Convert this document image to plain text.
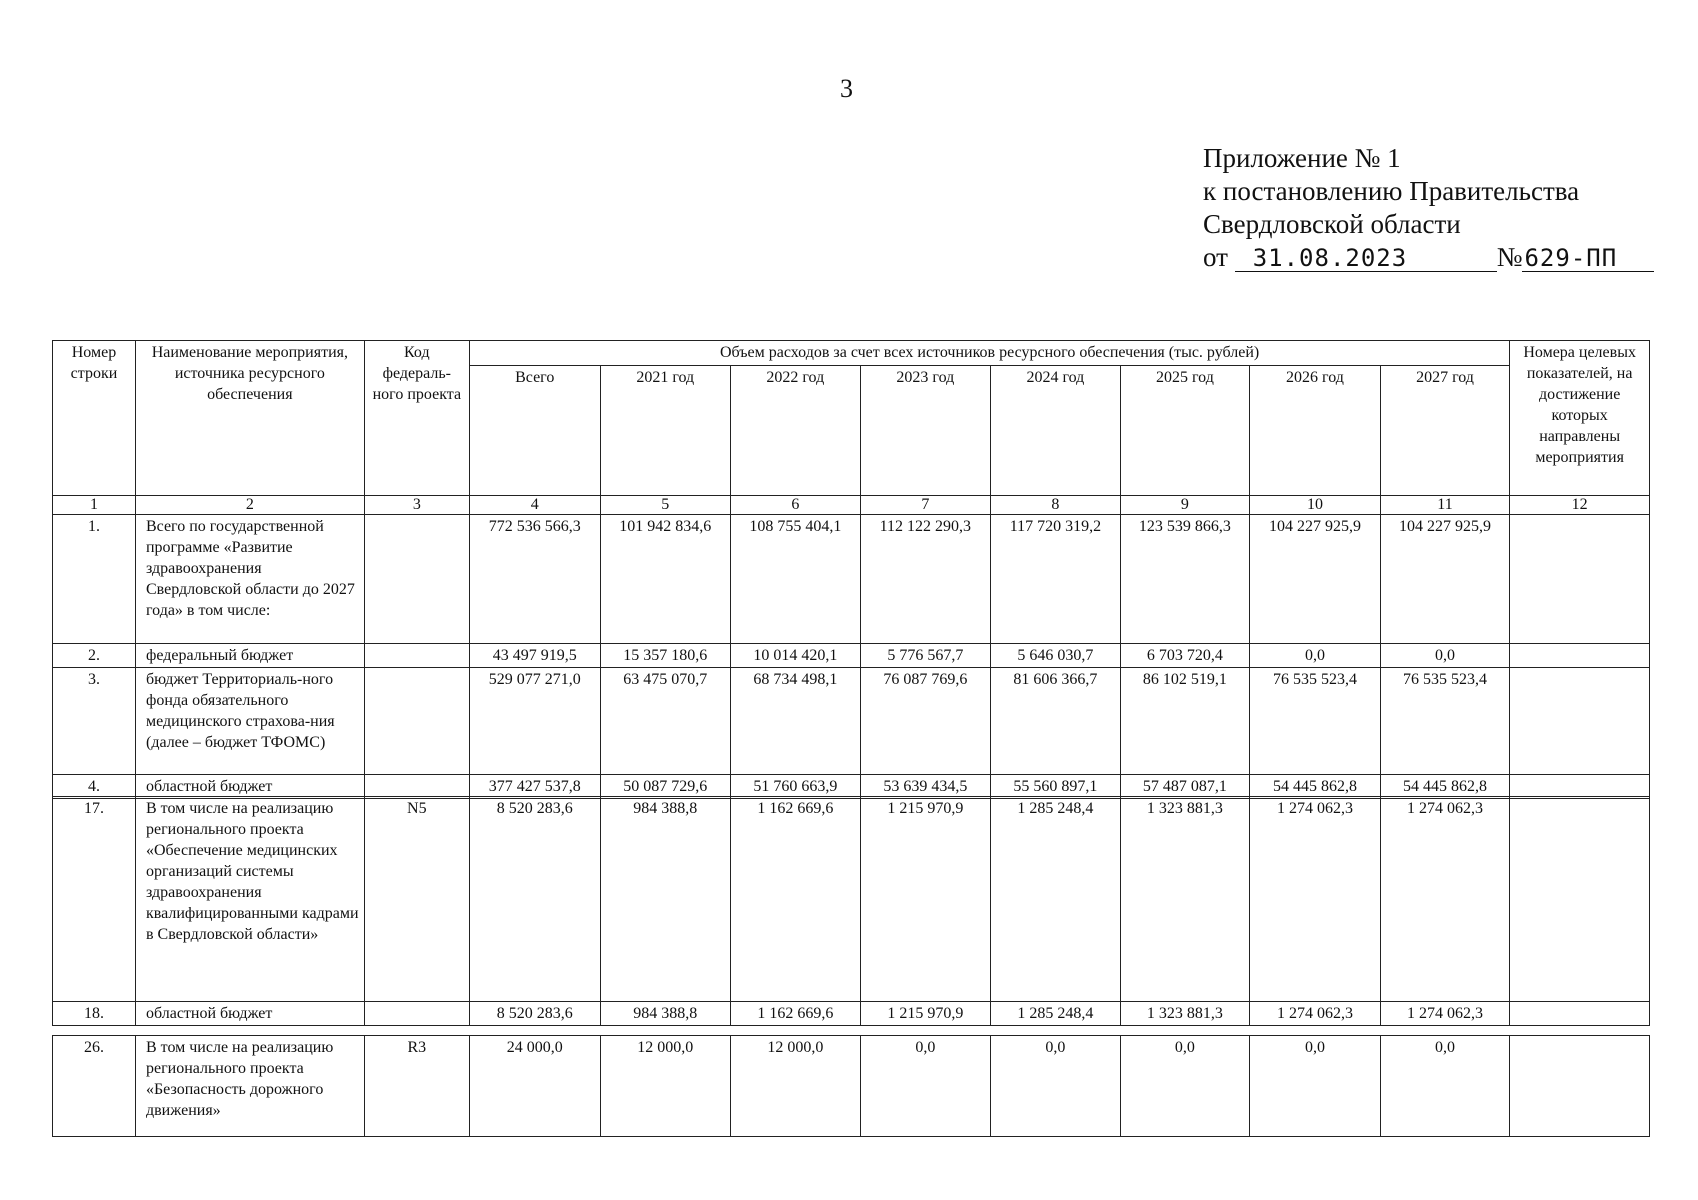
3
Приложение № 1
к постановлению Правительства
Свердловской области
от 31.08.2023	№629-ПП
Номер строки	Наименование мероприятия, источника ресурсного обеспечения	Код федераль-ного проекта	Объем расходов за счет всех источников ресурсного обеспечения (тыс. рублей)								Номера целевых показателей, на достижение которых направлены мероприятия
			Всего	2021 год	2022 год	2023 год	2024 год	2025 год	2026 год	2027 год	
1	2	3	4	5	6	7	8	9	10	11	12
1.	Всего по государственной программе «Развитие здравоохранения Свердловской области до 2027 года» в том числе:		772 536 566,3	101 942 834,6	108 755 404,1	112 122 290,3	117 720 319,2	123 539 866,3	104 227 925,9	104 227 925,9	
2.	федеральный бюджет		43 497 919,5	15 357 180,6	10 014 420,1	5 776 567,7	5 646 030,7	6 703 720,4	0,0	0,0	
3.	бюджет Территориаль-ного фонда обязательного медицинского страхова-ния (далее – бюджет ТФОМС)		529 077 271,0	63 475 070,7	68 734 498,1	76 087 769,6	81 606 366,7	86 102 519,1	76 535 523,4	76 535 523,4	
4.	областной бюджет		377 427 537,8	50 087 729,6	51 760 663,9	53 639 434,5	55 560 897,1	57 487 087,1	54 445 862,8	54 445 862,8	
17.	В том числе на реализацию регионального проекта «Обеспечение медицинских организаций системы здравоохранения квалифицированными кадрами в Свердловской области»	N5	8 520 283,6	984 388,8	1 162 669,6	1 215 970,9	1 285 248,4	1 323 881,3	1 274 062,3	1 274 062,3	
18.	областной бюджет		8 520 283,6	984 388,8	1 162 669,6	1 215 970,9	1 285 248,4	1 323 881,3	1 274 062,3	1 274 062,3	
26.	В том числе на реализацию регионального проекта «Безопасность дорожного движения»	R3	24 000,0	12 000,0	12 000,0	0,0	0,0	0,0	0,0	0,0	
